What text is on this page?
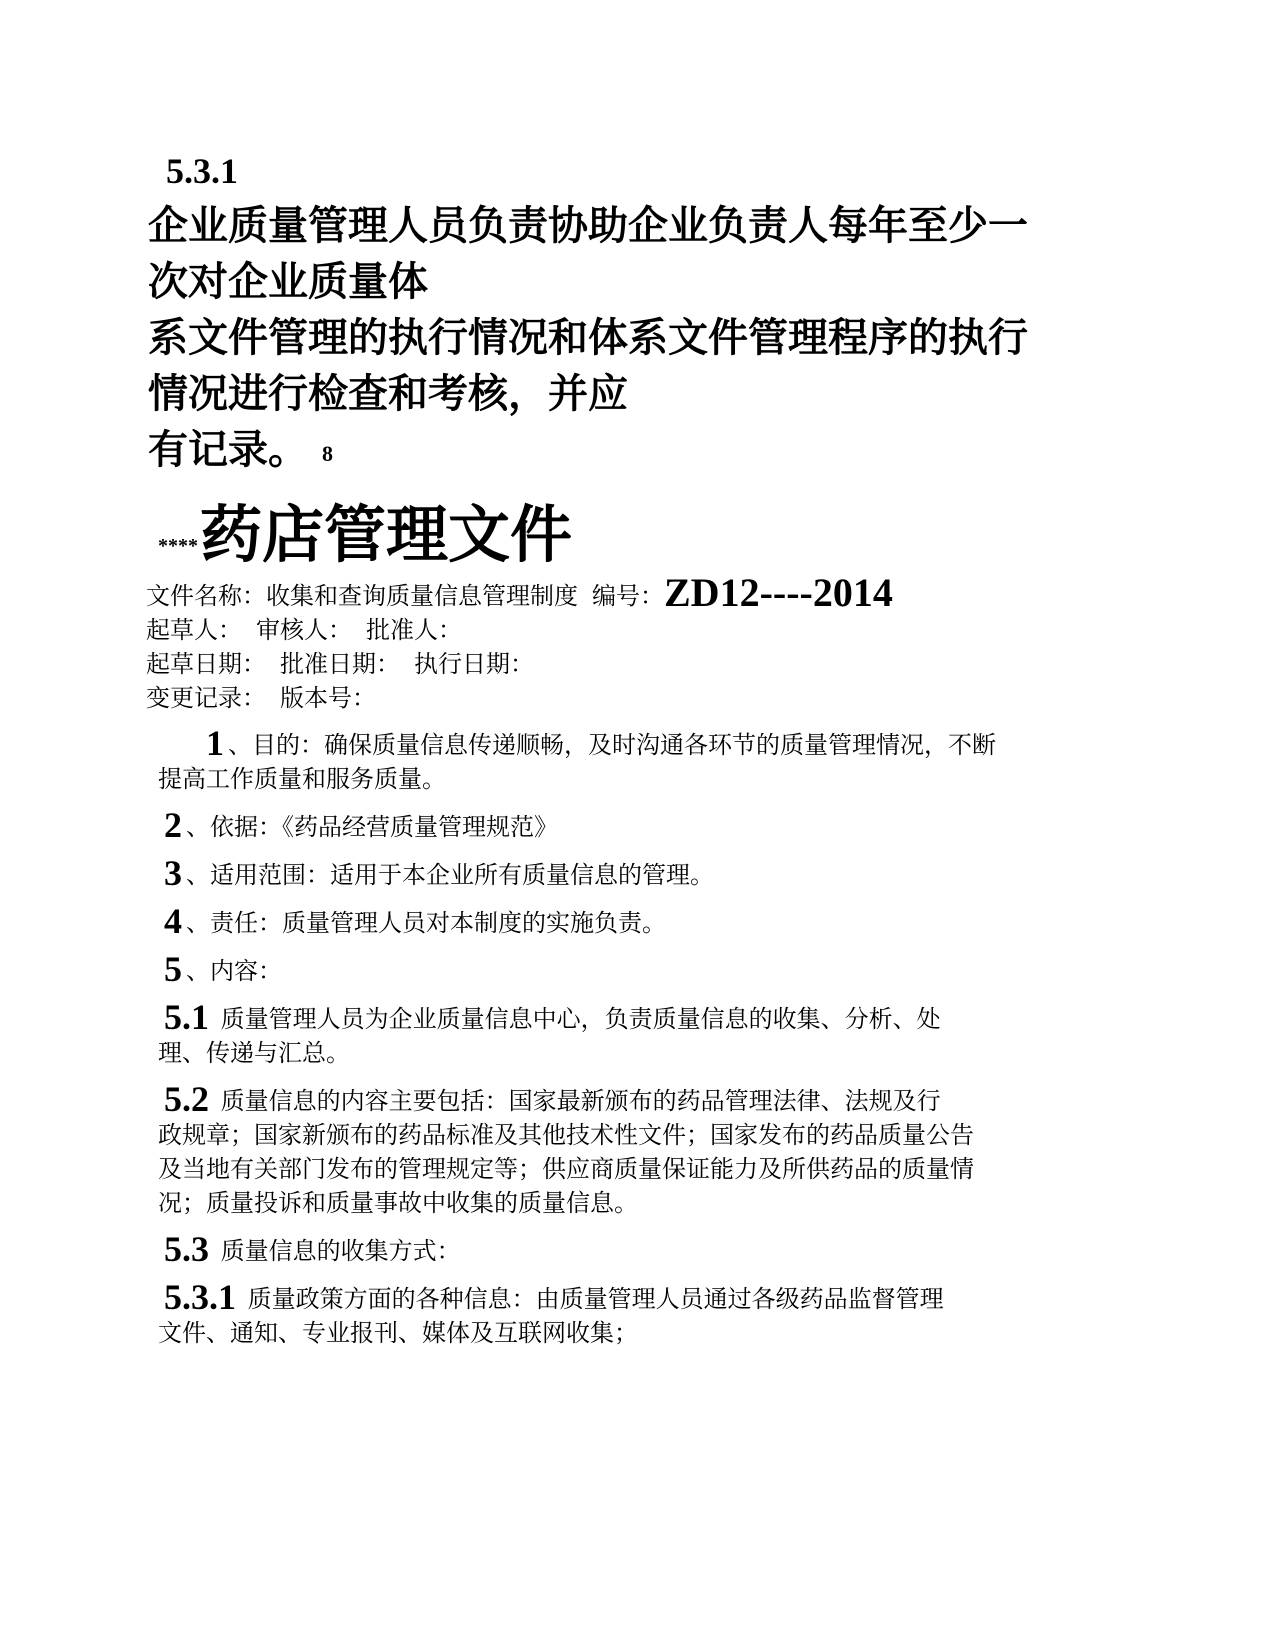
5.3.1
企业质量管理人员负责协助企业负责人每年至少一
次对企业质量体
系文件管理的执行情况和体系文件管理程序的执行
情况进行检查和考核，并应
有记录。 8
****药店管理文件
文件名称：收集和查询质量信息管理制度 编号：ZD12----2014
起草人： 审核人： 批准人：
起草日期： 批准日期： 执行日期：
变更记录： 版本号：
1 、目的：确保质量信息传递顺畅，及时沟通各环节的质量管理情况，不断
提高工作质量和服务质量。
2 、依据：《药品经营质量管理规范》
3 、适用范围：适用于本企业所有质量信息的管理。
4 、责任：质量管理人员对本制度的实施负责。
5 、内容：
5.1 质量管理人员为企业质量信息中心，负责质量信息的收集、分析、处
理、传递与汇总。
5.2 质量信息的内容主要包括：国家最新颁布的药品管理法律、法规及行
政规章；国家新颁布的药品标准及其他技术性文件；国家发布的药品质量公告
及当地有关部门发布的管理规定等；供应商质量保证能力及所供药品的质量情
况；质量投诉和质量事故中收集的质量信息。
5.3 质量信息的收集方式：
5.3.1 质量政策方面的各种信息：由质量管理人员通过各级药品监督管理
文件、通知、专业报刊、媒体及互联网收集；
